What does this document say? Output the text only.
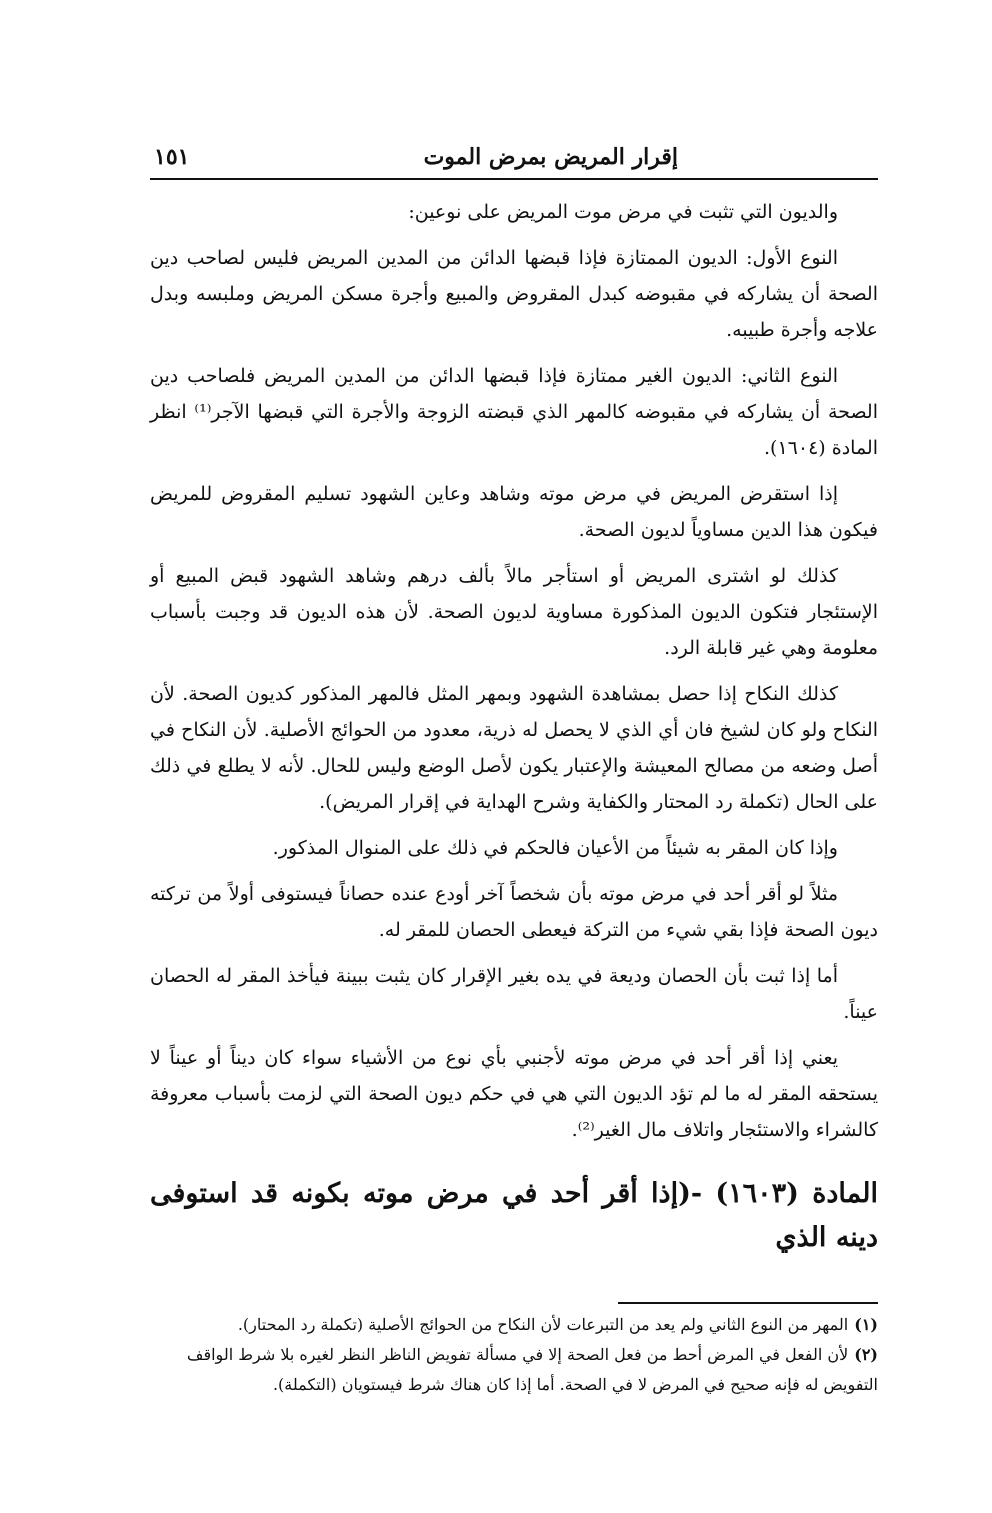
إقرار المريض بمرض الموت
١٥١

والديون التي تثبت في مرض موت المريض على نوعين:

النوع الأول: الديون الممتازة فإذا قبضها الدائن من المدين المريض فليس لصاحب دين الصحة أن يشاركه في مقبوضه كبدل المقروض والمبيع وأجرة مسكن المريض وملبسه وبدل علاجه وأجرة طبيبه.

النوع الثاني: الديون الغير ممتازة فإذا قبضها الدائن من المدين المريض فلصاحب دين الصحة أن يشاركه في مقبوضه كالمهر الذي قبضته الزوجة والأجرة التي قبضها الآجر⁽¹⁾ انظر المادة (١٦٠٤).

إذا استقرض المريض في مرض موته وشاهد وعاين الشهود تسليم المقروض للمريض فيكون هذا الدين مساوياً لديون الصحة.

كذلك لو اشترى المريض أو استأجر مالاً بألف درهم وشاهد الشهود قبض المبيع أو الإستئجار فتكون الديون المذكورة مساوية لديون الصحة. لأن هذه الديون قد وجبت بأسباب معلومة وهي غير قابلة الرد.

كذلك النكاح إذا حصل بمشاهدة الشهود وبمهر المثل فالمهر المذكور كديون الصحة. لأن النكاح ولو كان لشيخ فان أي الذي لا يحصل له ذرية، معدود من الحوائج الأصلية. لأن النكاح في أصل وضعه من مصالح المعيشة والإعتبار يكون لأصل الوضع وليس للحال. لأنه لا يطلع في ذلك على الحال (تكملة رد المحتار والكفاية وشرح الهداية في إقرار المريض).

وإذا كان المقر به شيئاً من الأعيان فالحكم في ذلك على المنوال المذكور.

مثلاً لو أقر أحد في مرض موته بأن شخصاً آخر أودع عنده حصاناً فيستوفى أولاً من تركته ديون الصحة فإذا بقي شيء من التركة فيعطى الحصان للمقر له.

أما إذا ثبت بأن الحصان وديعة في يده بغير الإقرار كان يثبت ببينة فيأخذ المقر له الحصان عيناً.

يعني إذا أقر أحد في مرض موته لأجنبي بأي نوع من الأشياء سواء كان ديناً أو عيناً لا يستحقه المقر له ما لم تؤد الديون التي هي في حكم ديون الصحة التي لزمت بأسباب معروفة كالشراء والاستئجار واتلاف مال الغير⁽²⁾.

المادة (١٦٠٣) -(إذا أقر أحد في مرض موته بكونه قد استوفى دينه الذي

(١)المهر من النوع الثاني ولم يعد من التبرعات لأن النكاح من الحوائج الأصلية (تكملة رد المحتار).

(٢)لأن الفعل في المرض أحط من فعل الصحة إلا في مسألة تفويض الناظر النظر لغيره بلا شرط الواقف التفويض له فإنه صحيح في المرض لا في الصحة. أما إذا كان هناك شرط فيستويان (التكملة).
